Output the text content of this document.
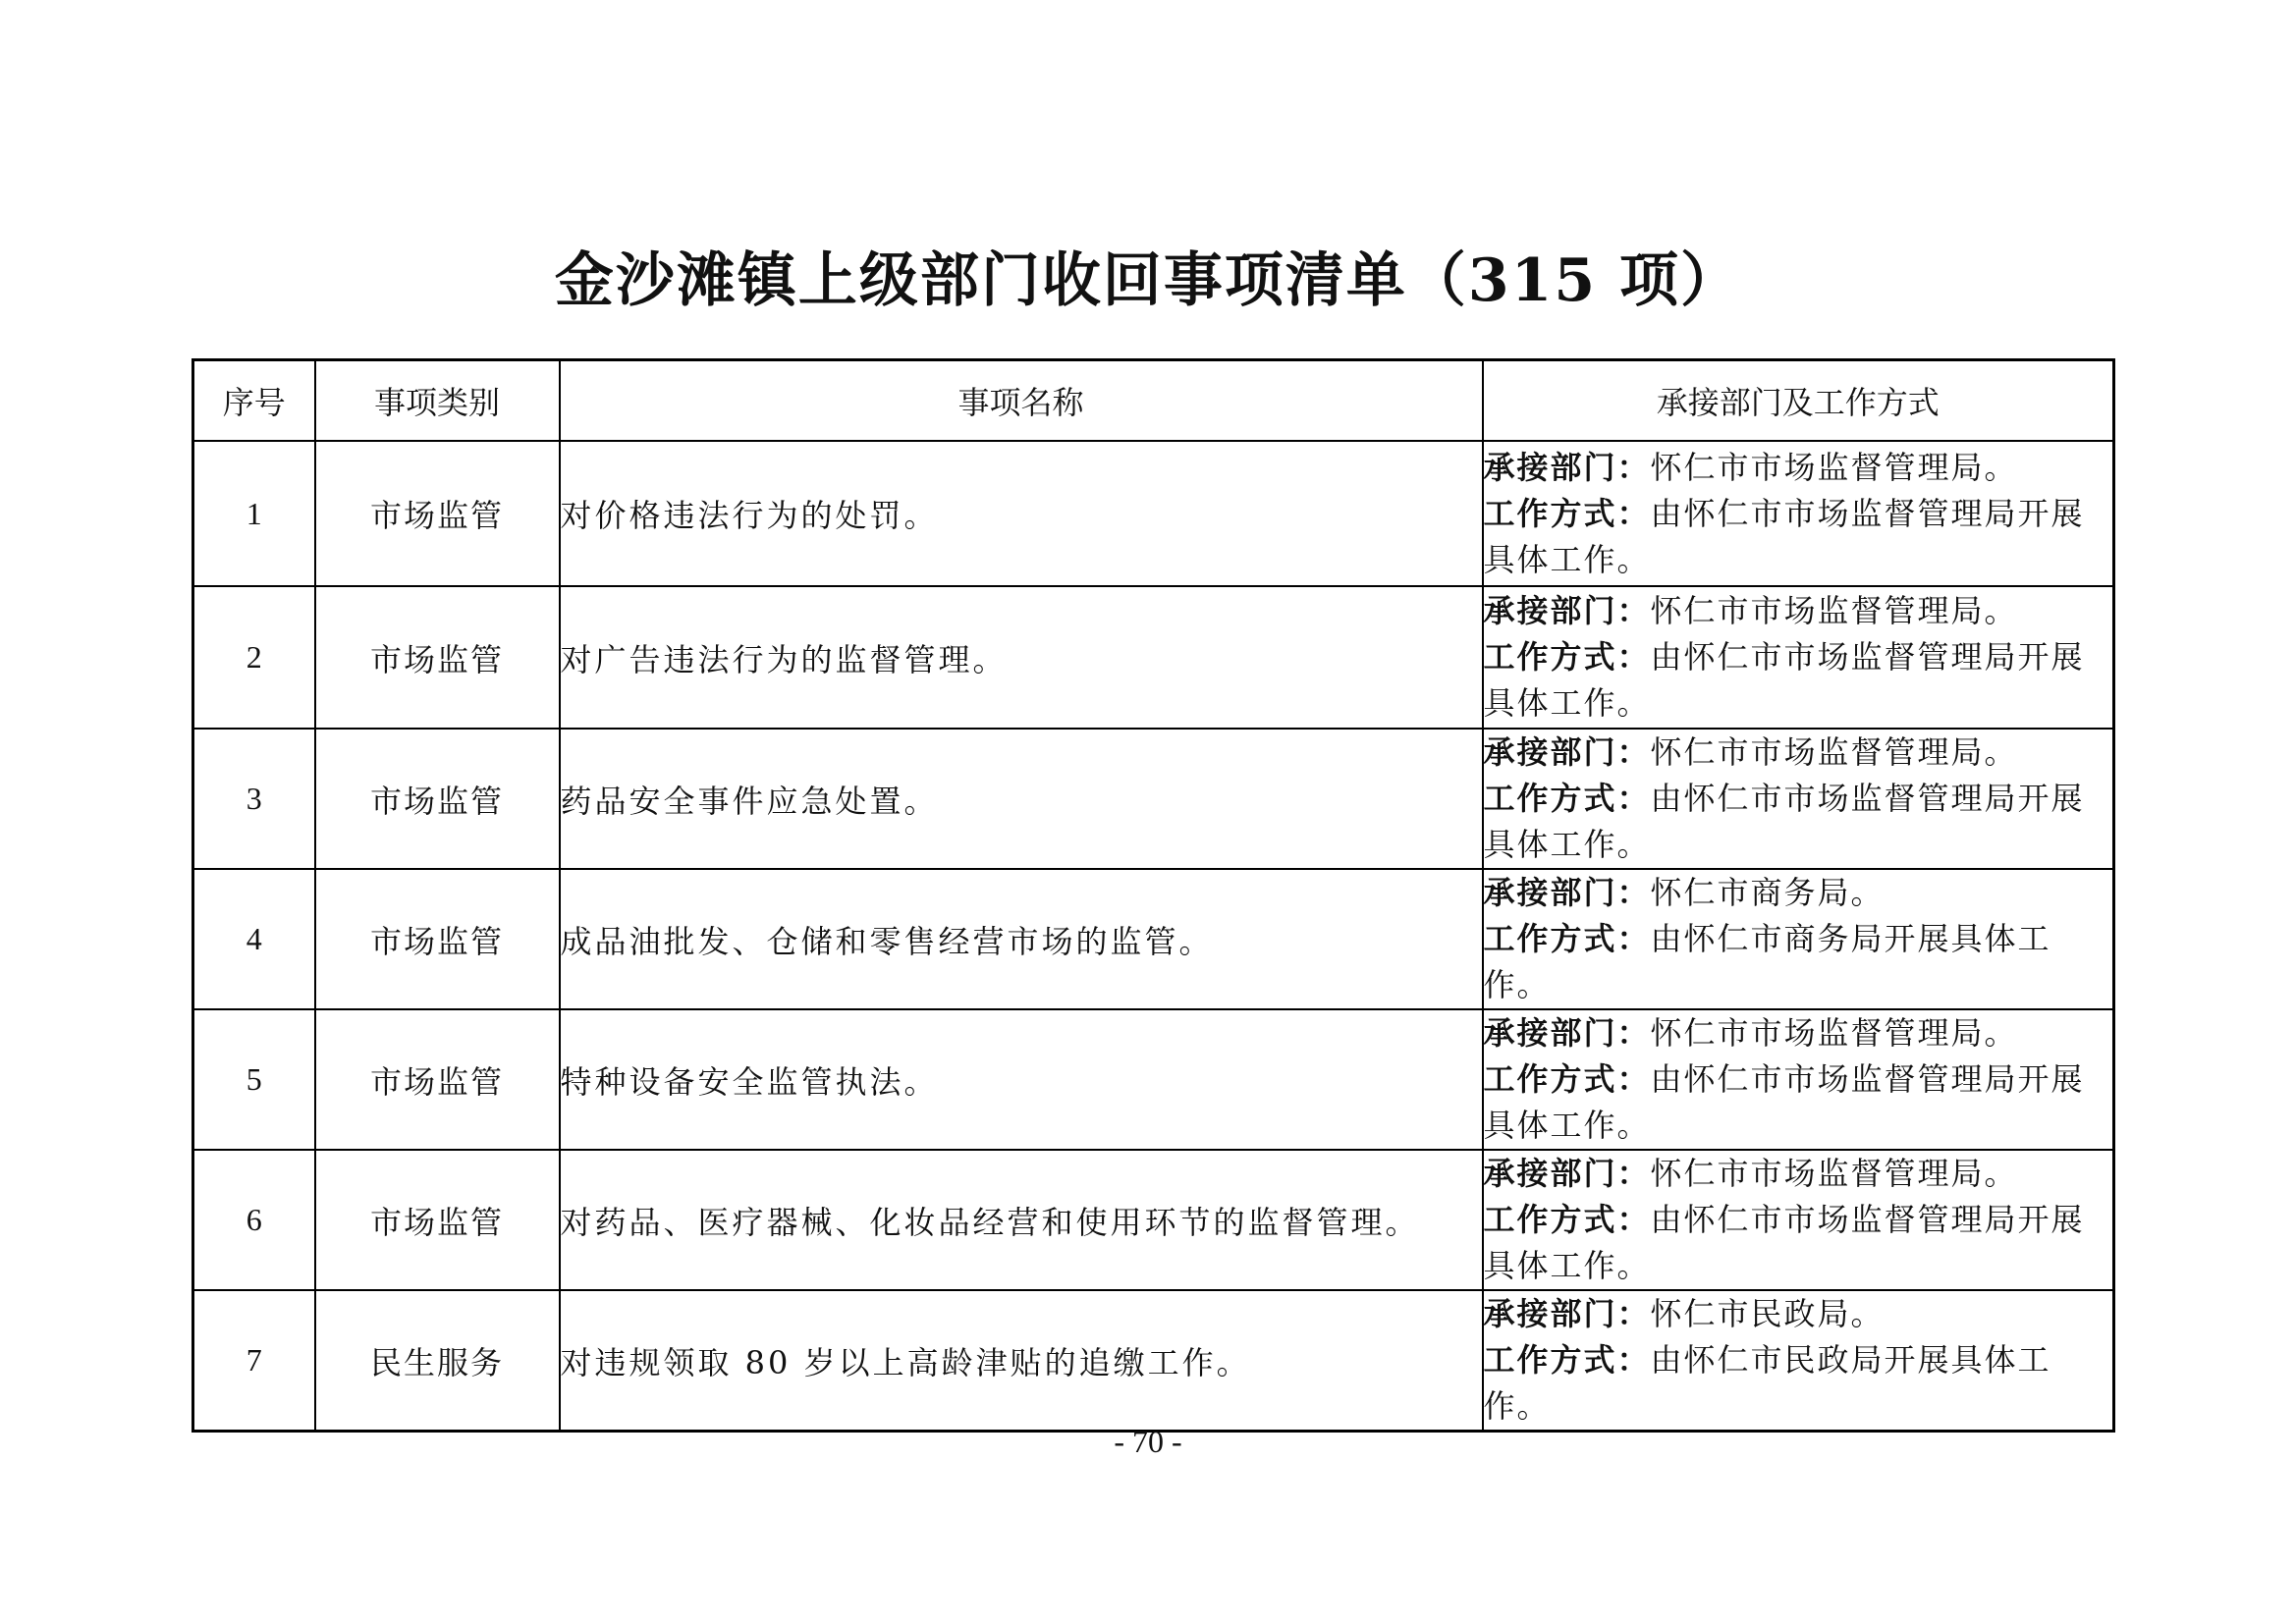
金沙滩镇上级部门收回事项清单（315 项）
序号	事项类别	事项名称	承接部门及工作方式
1	市场监管	对价格违法行为的处罚。	承接部门：怀仁市市场监督管理局。
工作方式：由怀仁市市场监督管理局开展具体工作。
2	市场监管	对广告违法行为的监督管理。	承接部门：怀仁市市场监督管理局。
工作方式：由怀仁市市场监督管理局开展具体工作。
3	市场监管	药品安全事件应急处置。	承接部门：怀仁市市场监督管理局。
工作方式：由怀仁市市场监督管理局开展具体工作。
4	市场监管	成品油批发、仓储和零售经营市场的监管。	承接部门：怀仁市商务局。
工作方式：由怀仁市商务局开展具体工作。
5	市场监管	特种设备安全监管执法。	承接部门：怀仁市市场监督管理局。
工作方式：由怀仁市市场监督管理局开展具体工作。
6	市场监管	对药品、医疗器械、化妆品经营和使用环节的监督管理。	承接部门：怀仁市市场监督管理局。
工作方式：由怀仁市市场监督管理局开展具体工作。
7	民生服务	对违规领取 80 岁以上高龄津贴的追缴工作。	承接部门：怀仁市民政局。
工作方式：由怀仁市民政局开展具体工作。
- 70 -
